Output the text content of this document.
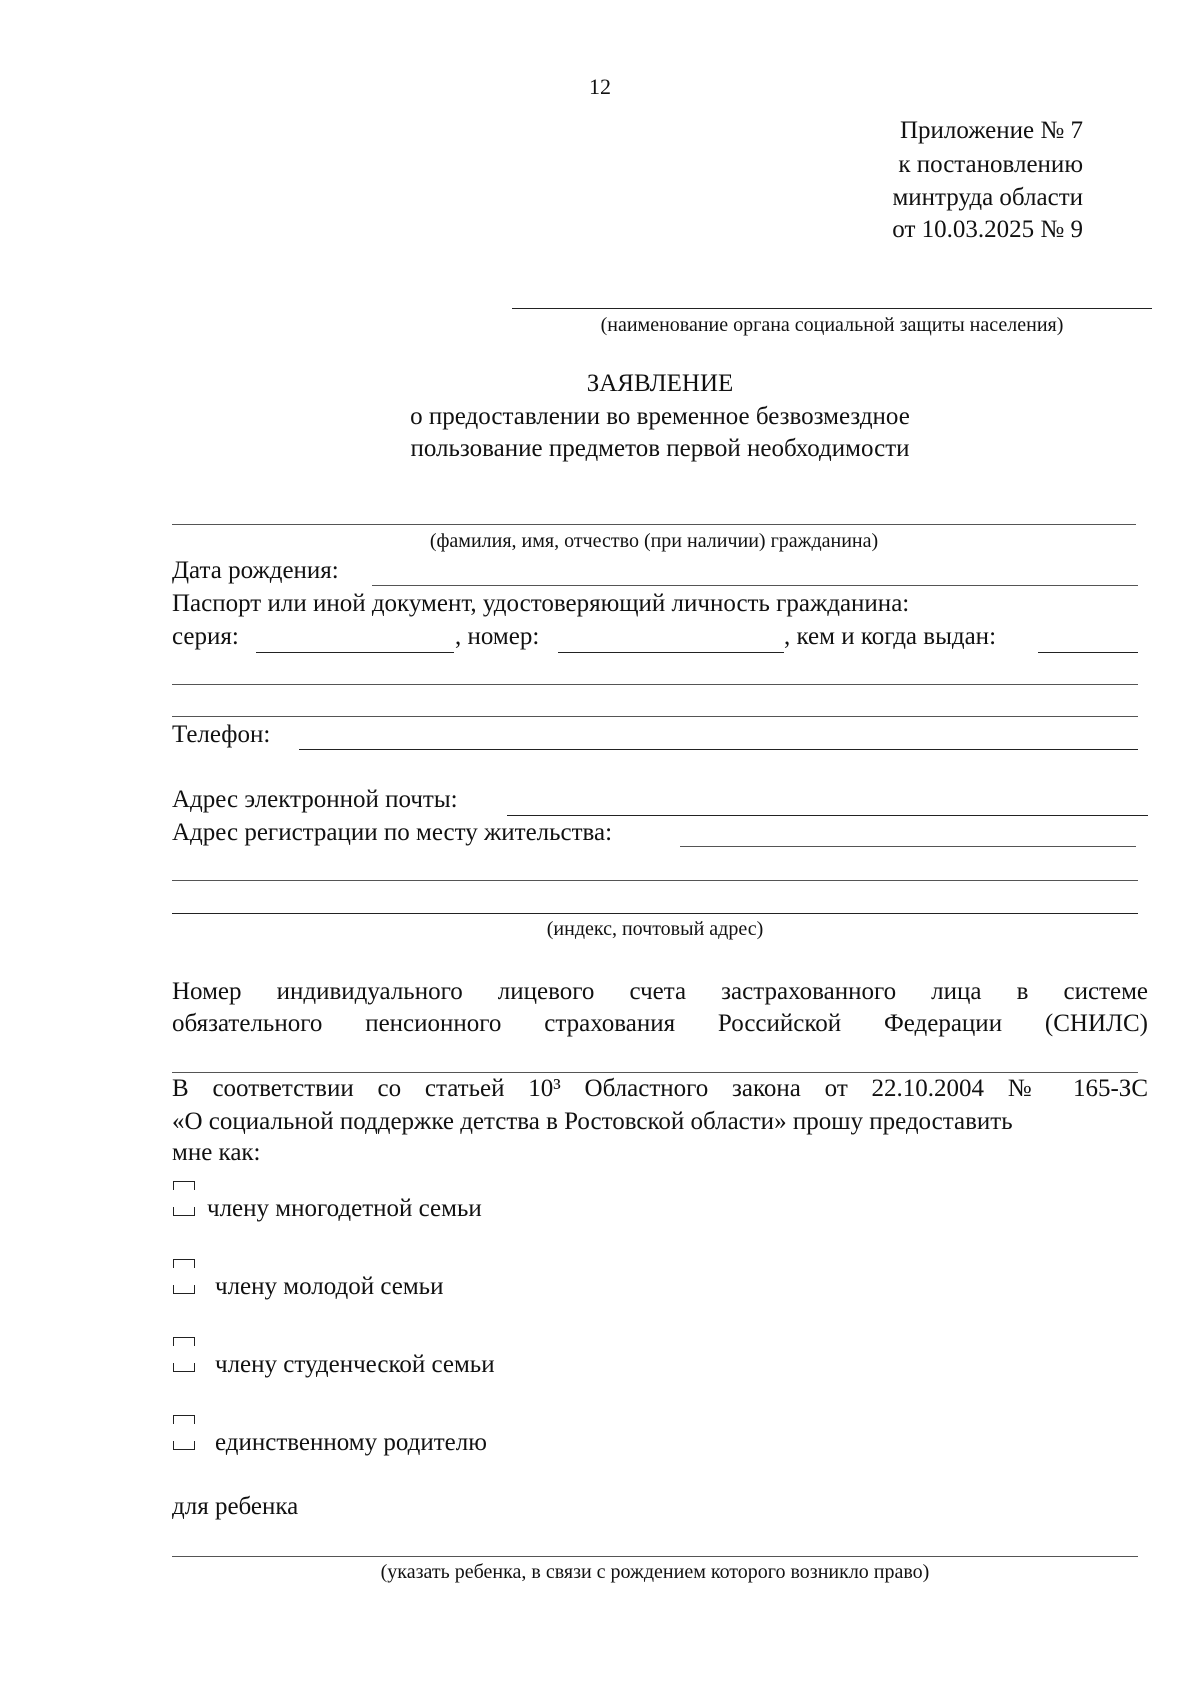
12
Приложение № 7
к постановлению
минтруда области
от 10.03.2025 № 9
(наименование органа социальной защиты населения)
ЗАЯВЛЕНИЕ
о предоставлении во временное безвозмездное
пользование предметов первой необходимости
(фамилия, имя, отчество (при наличии) гражданина)
Дата рождения:
Паспорт или иной документ, удостоверяющий личность гражданина:
серия:	, номер:	, кем и когда выдан:
Телефон:
Адрес электронной почты:
Адрес регистрации по месту жительства:
(индекс, почтовый адрес)
Номер индивидуального лицевого счета застрахованного лица в системе
обязательного пенсионного страхования Российской Федерации (СНИЛС)
В соответствии со статьей 10³ Областного закона от 22.10.2004 № 165-ЗС
«О социальной поддержке детства в Ростовской области» прошу предоставить
мне как:
члену многодетной семьи
члену молодой семьи
члену студенческой семьи
единственному родителю
для ребенка
(указать ребенка, в связи с рождением которого возникло право)
